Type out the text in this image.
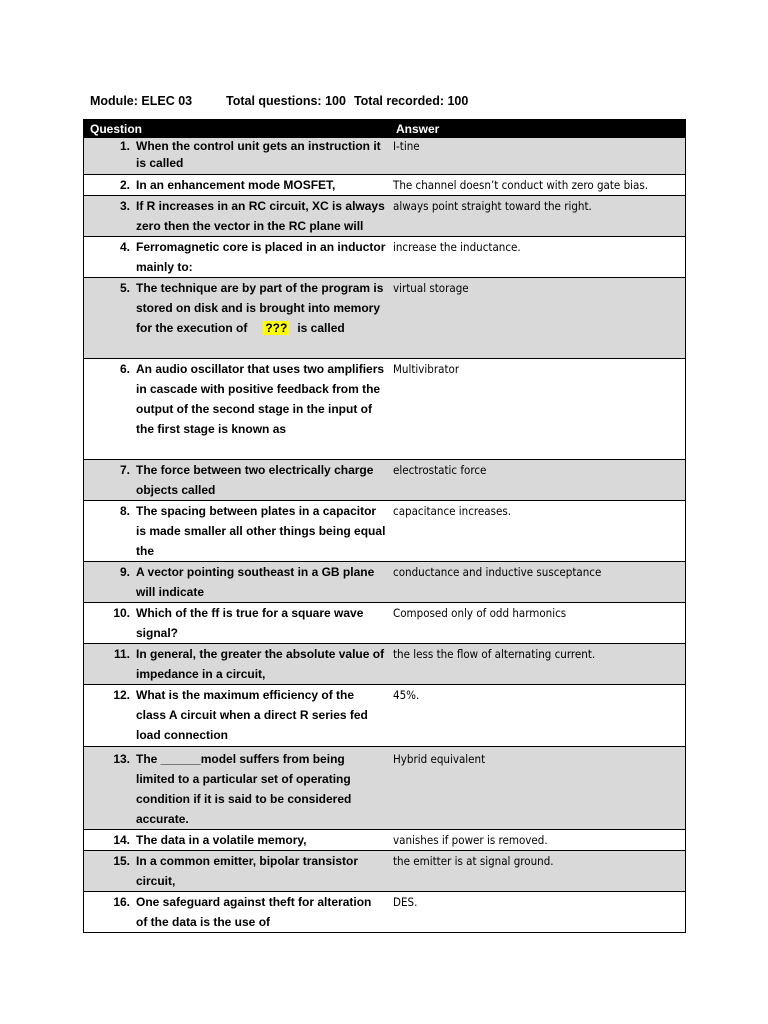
Module: ELEC 03	Total questions: 100 Total recorded: 100
Question		Answer
1.	When the control unit gets an instruction it is called	I-tine
2.	In an enhancement mode MOSFET,	The channel doesn’t conduct with zero gate bias.
3.	If R increases in an RC circuit, XC is always zero then the vector in the RC plane will	always point straight toward the right.
4.	Ferromagnetic core is placed in an inductor mainly to:	increase the inductance.
5.	The technique are by part of the program is stored on disk and is brought into memory for the execution of ??? is called	virtual storage
6.	An audio oscillator that uses two amplifiers in cascade with positive feedback from the output of the second stage in the input of the first stage is known as	Multivibrator
7.	The force between two electrically charge objects called	electrostatic force
8.	The spacing between plates in a capacitor is made smaller all other things being equal the	capacitance increases.
9.	A vector pointing southeast in a GB plane will indicate	conductance and inductive susceptance
10.	Which of the ff is true for a square wave signal?	Composed only of odd harmonics
11.	In general, the greater the absolute value of impedance in a circuit,	the less the flow of alternating current.
12.	What is the maximum efficiency of the class A circuit when a direct R series fed load connection	45%.
13.	The ______model suffers from being limited to a particular set of operating condition if it is said to be considered accurate.	Hybrid equivalent
14.	The data in a volatile memory,	vanishes if power is removed.
15.	In a common emitter, bipolar transistor circuit,	the emitter is at signal ground.
16.	One safeguard against theft for alteration of the data is the use of	DES.
